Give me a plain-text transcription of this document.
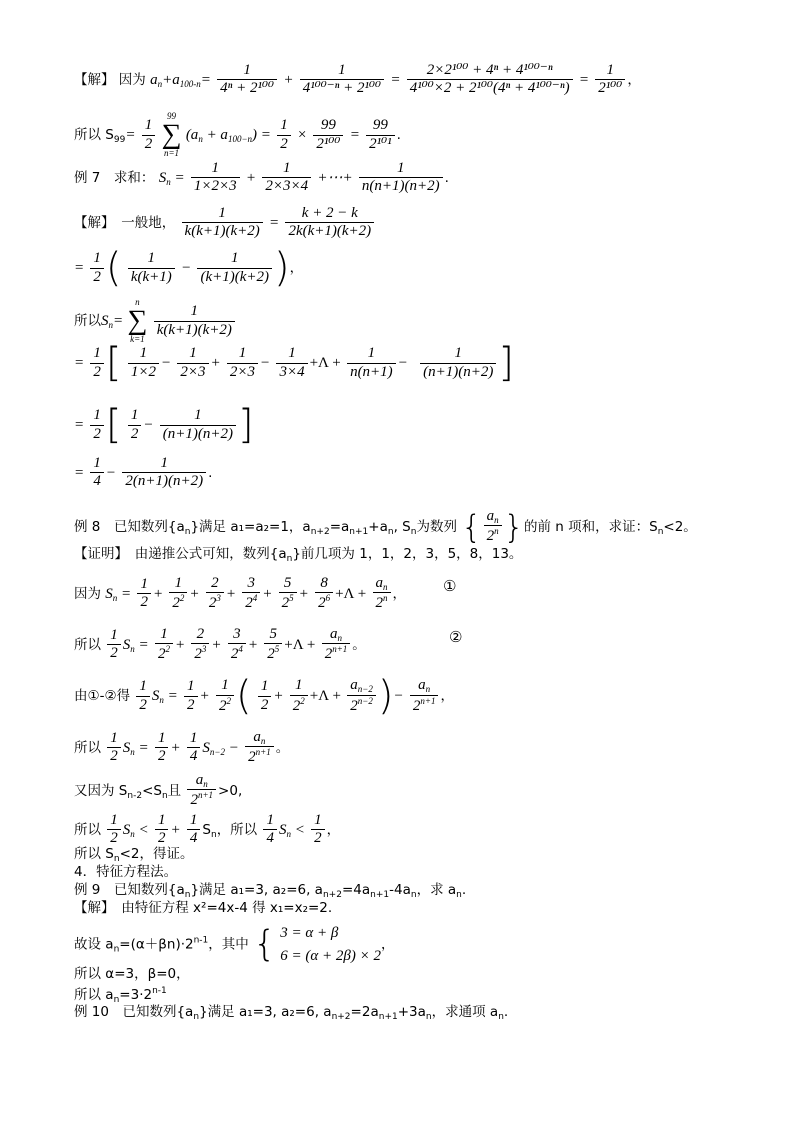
【解】 因为 $a_n+a_{100-n}= \frac{1}{\text{4ⁿ + 2¹⁰⁰}} + \frac{1}{\text{4¹⁰⁰⁻ⁿ + 2¹⁰⁰}} = \frac{\text{2×2¹⁰⁰ + 4ⁿ + 4¹⁰⁰⁻ⁿ}}{\text{4¹⁰⁰×2 + 2¹⁰⁰(4ⁿ + 4¹⁰⁰⁻ⁿ)}} = \frac{1}{\text{2¹⁰⁰}}$ ，
所以 $S_{99}= \frac{1}{2}$

99
∑
n=1
$(a_n + a_{100-n}) = \frac{1}{2} \times \frac{99}{\text{2¹⁰⁰}} = \frac{99}{\text{2¹⁰¹}}$ .
例 7　求和： $S_n = \frac{1}{1\times 2\times 3} + \frac{1}{2\times 3\times 4}$ +⋯+ $\frac{1}{n(n+1)(n+2)}$ .
【解】　一般地， $\frac{1}{k(k+1)(k+2)} = \frac{k + 2 - k}{2k(k+1)(k+2)}$
= $\frac{1}{2}$ ( $\frac{1}{k(k+1)} - \frac{1}{(k+1)(k+2)}$ )，
所以$S_n=$
n
∑
k=1

$\frac{1}{k(k+1)(k+2)}$
= $\frac{1}{2}$ [ $\frac{1}{1\times 2} - \frac{1}{2\times 3} + \frac{1}{2\times 3} - \frac{1}{3\times 4} +\Lambda + \frac{1}{n(n+1)} - \frac{1}{(n+1)(n+2)}$ ]
= $\frac{1}{2}$ [ $\frac{1}{2} - \frac{1}{(n+1)(n+2)}$ ]
= $\frac{1}{4} - \frac{1}{2(n+1)(n+2)}$ .
例 8　已知数列$\{a_n\}$满足 a₁=a₂=1，$a_{n+2}=a_{n+1}+a_n$, $S_n$为数列 { $\frac{a_n}{2^n}$ }的前 n 项和，求证：$S_n<2$。
【证明】　由递推公式可知，数列$\{a_n\}$前几项为 1，1，2，3，5，8，13。
因为 $S_n = \frac{1}{2} + \frac{1}{2^2} + \frac{2}{2^3} + \frac{3}{2^4} + \frac{5}{2^5} + \frac{8}{2^6} +\Lambda + \frac{a_n}{2^n}$ ， ①
所以 $\frac{1}{2} S_n = \frac{1}{2^2} + \frac{2}{2^3} + \frac{3}{2^4} + \frac{5}{2^5} +\Lambda + \frac{a_n}{2^{n+1}}$ 。	②
由①-②得 $\frac{1}{2} S_n = \frac{1}{2} + \frac{1}{2^2}$ ( $\frac{1}{2} + \frac{1}{2^2} +\Lambda + \frac{a_{n-2}}{2^{n-2}}$ )− $\frac{a_n}{2^{n+1}}$ ，
所以 $\frac{1}{2} S_n = \frac{1}{2} + \frac{1}{4} S_{n-2} - \frac{a_n}{2^{n+1}}$ 。
又因为 $S_{n-2}<S_n$且 $\frac{a_n}{2^{n+1}} >0$,
所以 $\frac{1}{2} S_n < \frac{1}{2} + \frac{1}{4} S_n$，所以 $\frac{1}{4} S_n < \frac{1}{2}$ ，
所以 $S_n<2$，得证。
4．特征方程法。
例 9　已知数列$\{a_n\}$满足 a₁=3, a₂=6, $a_{n+2}=4a_{n+1}-4a_n$，求 $a_n$.
【解】　由特征方程 x²=4x-4 得 x₁=x₂=2.
故设 $a_n=(\alpha+\beta n)\cdot 2^{n-1}$，其中 { 3 = α + β
6 = (α + 2β) × 2
，
所以 α=3，β=0，
所以 $a_n=3\cdot 2^{n-1}$
例 10　已知数列$\{a_n\}$满足 a₁=3, a₂=6, $a_{n+2}=2a_{n+1}+3a_n$，求通项 $a_n$.
